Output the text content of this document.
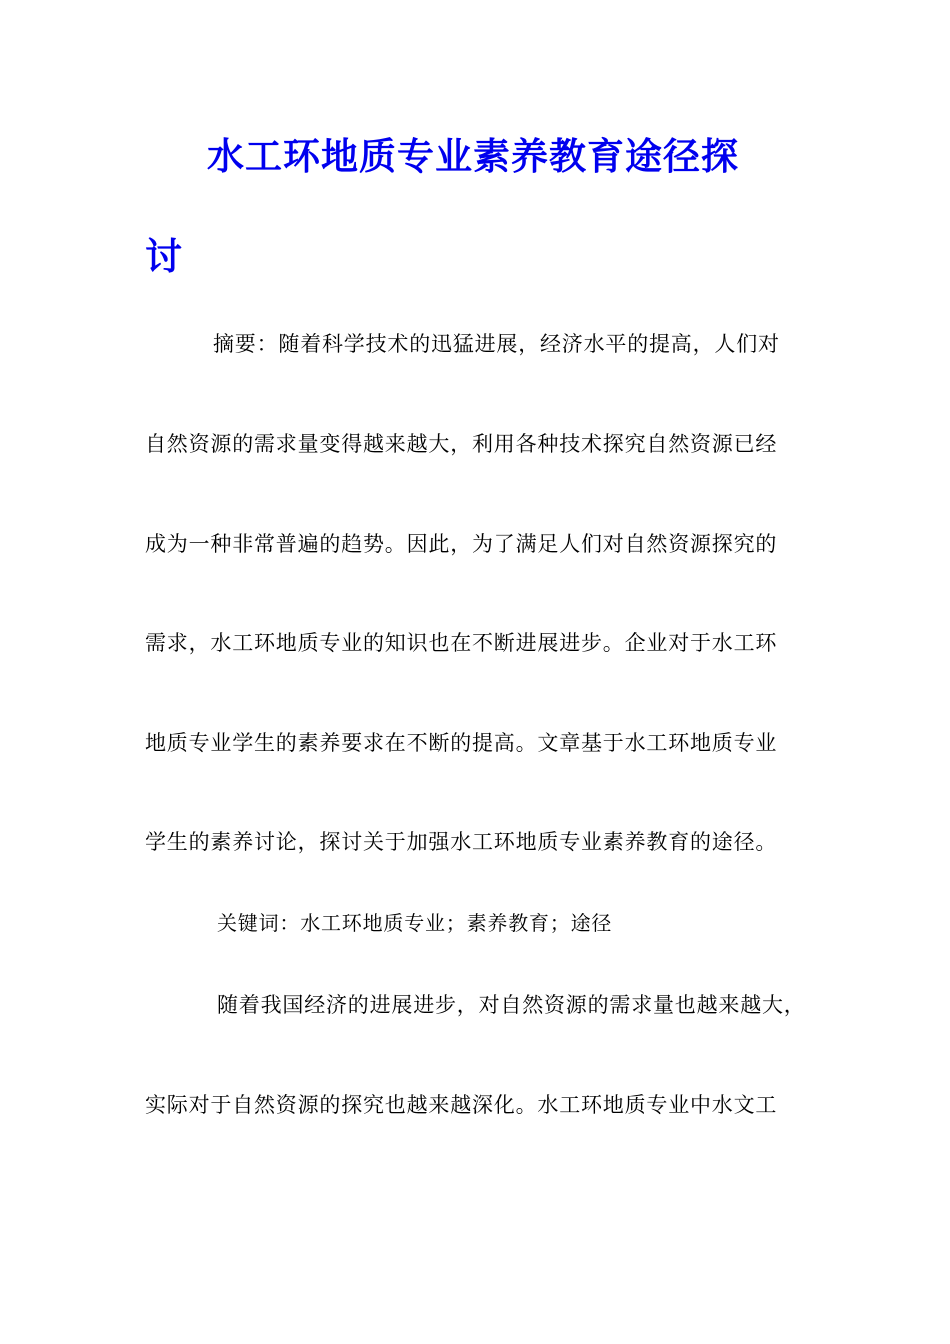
水工环地质专业素养教育途径探
讨

摘要：随着科学技术的迅猛进展，经济水平的提高，人们对

自然资源的需求量变得越来越大，利用各种技术探究自然资源已经

成为一种非常普遍的趋势。因此，为了满足人们对自然资源探究的

需求，水工环地质专业的知识也在不断进展进步。企业对于水工环

地质专业学生的素养要求在不断的提高。文章基于水工环地质专业

学生的素养讨论，探讨关于加强水工环地质专业素养教育的途径。

关键词：水工环地质专业；素养教育；途径

随着我国经济的进展进步，对自然资源的需求量也越来越大，

实际对于自然资源的探究也越来越深化。水工环地质专业中水文工
